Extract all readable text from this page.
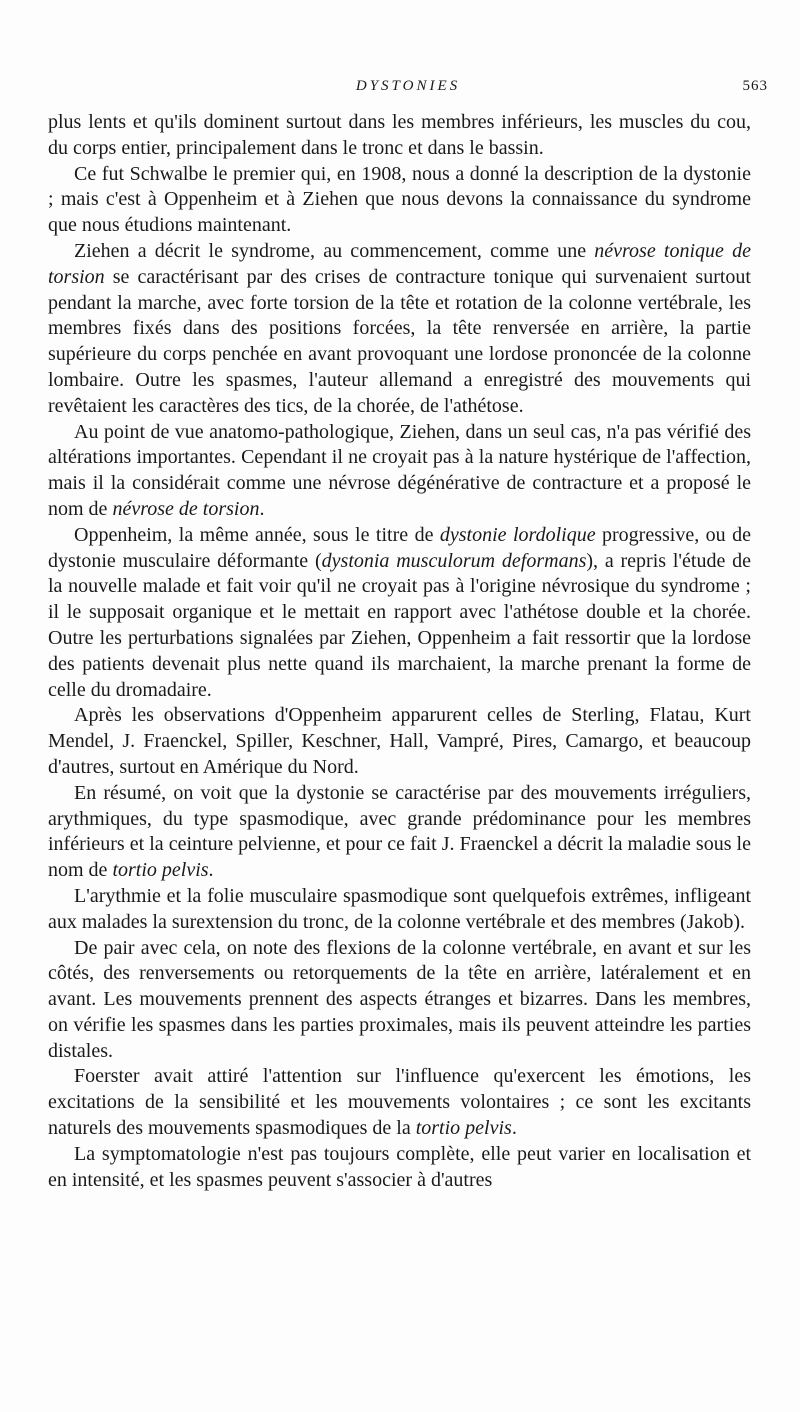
DYSTONIES	563

plus lents et qu'ils dominent surtout dans les membres inférieurs, les muscles du cou, du corps entier, principalement dans le tronc et dans le bassin.

Ce fut Schwalbe le premier qui, en 1908, nous a donné la description de la dystonie ; mais c'est à Oppenheim et à Ziehen que nous devons la connaissance du syndrome que nous étudions maintenant.

Ziehen a décrit le syndrome, au commencement, comme une névrose tonique de torsion se caractérisant par des crises de contracture tonique qui survenaient surtout pendant la marche, avec forte torsion de la tête et rotation de la colonne vertébrale, les membres fixés dans des positions forcées, la tête renversée en arrière, la partie supérieure du corps penchée en avant provoquant une lordose prononcée de la colonne lombaire. Outre les spasmes, l'auteur allemand a enregistré des mouvements qui revêtaient les caractères des tics, de la chorée, de l'athétose.

Au point de vue anatomo-pathologique, Ziehen, dans un seul cas, n'a pas vérifié des altérations importantes. Cependant il ne croyait pas à la nature hystérique de l'affection, mais il la considérait comme une névrose dégénérative de contracture et a proposé le nom de névrose de torsion.

Oppenheim, la même année, sous le titre de dystonie lordolique progressive, ou de dystonie musculaire déformante (dystonia musculorum deformans), a repris l'étude de la nouvelle malade et fait voir qu'il ne croyait pas à l'origine névrosique du syndrome ; il le supposait organique et le mettait en rapport avec l'athétose double et la chorée. Outre les perturbations signalées par Ziehen, Oppenheim a fait ressortir que la lordose des patients devenait plus nette quand ils marchaient, la marche prenant la forme de celle du dromadaire.

Après les observations d'Oppenheim apparurent celles de Sterling, Flatau, Kurt Mendel, J. Fraenckel, Spiller, Keschner, Hall, Vampré, Pires, Camargo, et beaucoup d'autres, surtout en Amérique du Nord.

En résumé, on voit que la dystonie se caractérise par des mouvements irréguliers, arythmiques, du type spasmodique, avec grande prédominance pour les membres inférieurs et la ceinture pelvienne, et pour ce fait J. Fraenckel a décrit la maladie sous le nom de tortio pelvis.

L'arythmie et la folie musculaire spasmodique sont quelquefois extrêmes, infligeant aux malades la surextension du tronc, de la colonne vertébrale et des membres (Jakob).

De pair avec cela, on note des flexions de la colonne vertébrale, en avant et sur les côtés, des renversements ou retorquements de la tête en arrière, latéralement et en avant. Les mouvements prennent des aspects étranges et bizarres. Dans les membres, on vérifie les spasmes dans les parties proximales, mais ils peuvent atteindre les parties distales.

Foerster avait attiré l'attention sur l'influence qu'exercent les émotions, les excitations de la sensibilité et les mouvements volontaires ; ce sont les excitants naturels des mouvements spasmodiques de la tortio pelvis.

La symptomatologie n'est pas toujours complète, elle peut varier en localisation et en intensité, et les spasmes peuvent s'associer à d'autres
